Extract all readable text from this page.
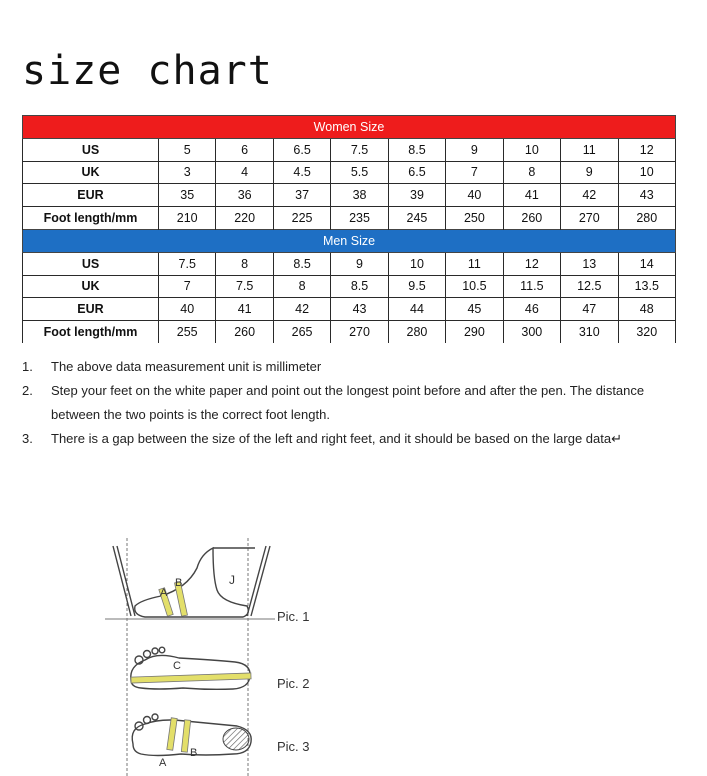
size chart
Women Size									
US	5	6	6.5	7.5	8.5	9	10	11	12
UK	3	4	4.5	5.5	6.5	7	8	9	10
EUR	35	36	37	38	39	40	41	42	43
Foot length/mm	210	220	225	235	245	250	260	270	280
Men Size									
US	7.5	8	8.5	9	10	11	12	13	14
UK	7	7.5	8	8.5	9.5	10.5	11.5	12.5	13.5
EUR	40	41	42	43	44	45	46	47	48
Foot length/mm	255	260	265	270	280	290	300	310	320
1. The above data measurement unit is millimeter
2. Step your feet on the white paper and point out the longest point before and after the pen. The distance between the two points is the correct foot length.
3. There is a gap between the size of the left and right feet, and it should be based on the large data↵
A
B	J
C
A
B
Pic. 1
Pic. 2
Pic. 3
